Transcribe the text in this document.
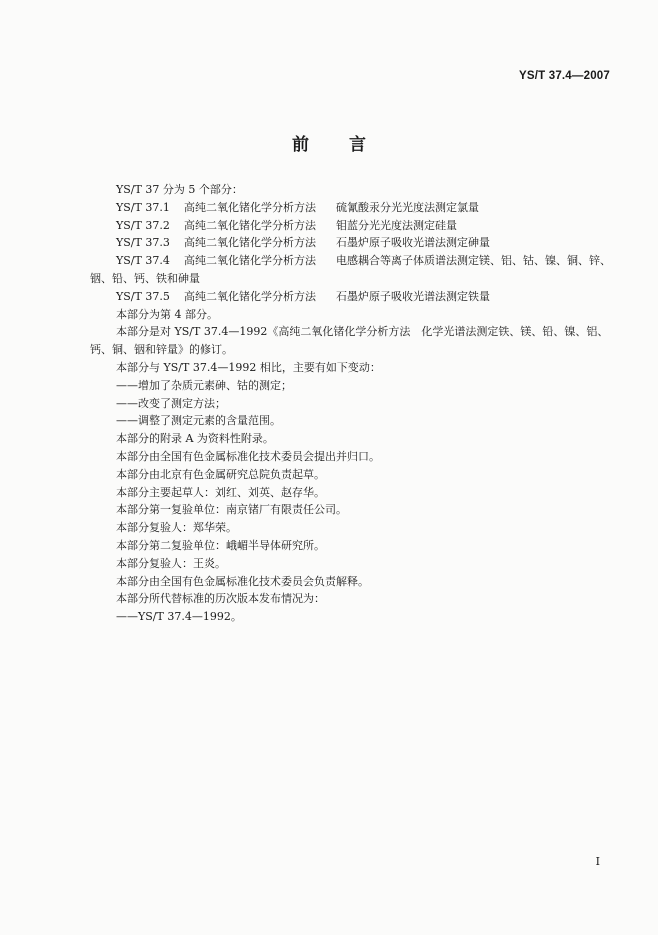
YS/T 37.4—2007
前言

YS/T 37 分为 5 个部分：

YS/T 37.1 高纯二氧化锗化学分析方法 硫氰酸汞分光光度法测定氯量

YS/T 37.2 高纯二氧化锗化学分析方法 钼蓝分光光度法测定硅量

YS/T 37.3 高纯二氧化锗化学分析方法 石墨炉原子吸收光谱法测定砷量

YS/T 37.4 高纯二氧化锗化学分析方法 电感耦合等离子体质谱法测定镁、铝、钴、镍、铜、锌、

铟、铅、钙、铁和砷量

YS/T 37.5 高纯二氧化锗化学分析方法 石墨炉原子吸收光谱法测定铁量

本部分为第 4 部分。

本部分是对 YS/T 37.4—1992《高纯二氧化锗化学分析方法　化学光谱法测定铁、镁、铅、镍、铝、

钙、铜、铟和锌量》的修订。

本部分与 YS/T 37.4—1992 相比，主要有如下变动：

——增加了杂质元素砷、钴的测定；

——改变了测定方法；

——调整了测定元素的含量范围。

本部分的附录 A 为资料性附录。

本部分由全国有色金属标准化技术委员会提出并归口。

本部分由北京有色金属研究总院负责起草。

本部分主要起草人：刘红、刘英、赵存华。

本部分第一复验单位：南京锗厂有限责任公司。

本部分复验人：郑华荣。

本部分第二复验单位：峨嵋半导体研究所。

本部分复验人：王炎。

本部分由全国有色金属标准化技术委员会负责解释。

本部分所代替标准的历次版本发布情况为：

——YS/T 37.4—1992。

I
